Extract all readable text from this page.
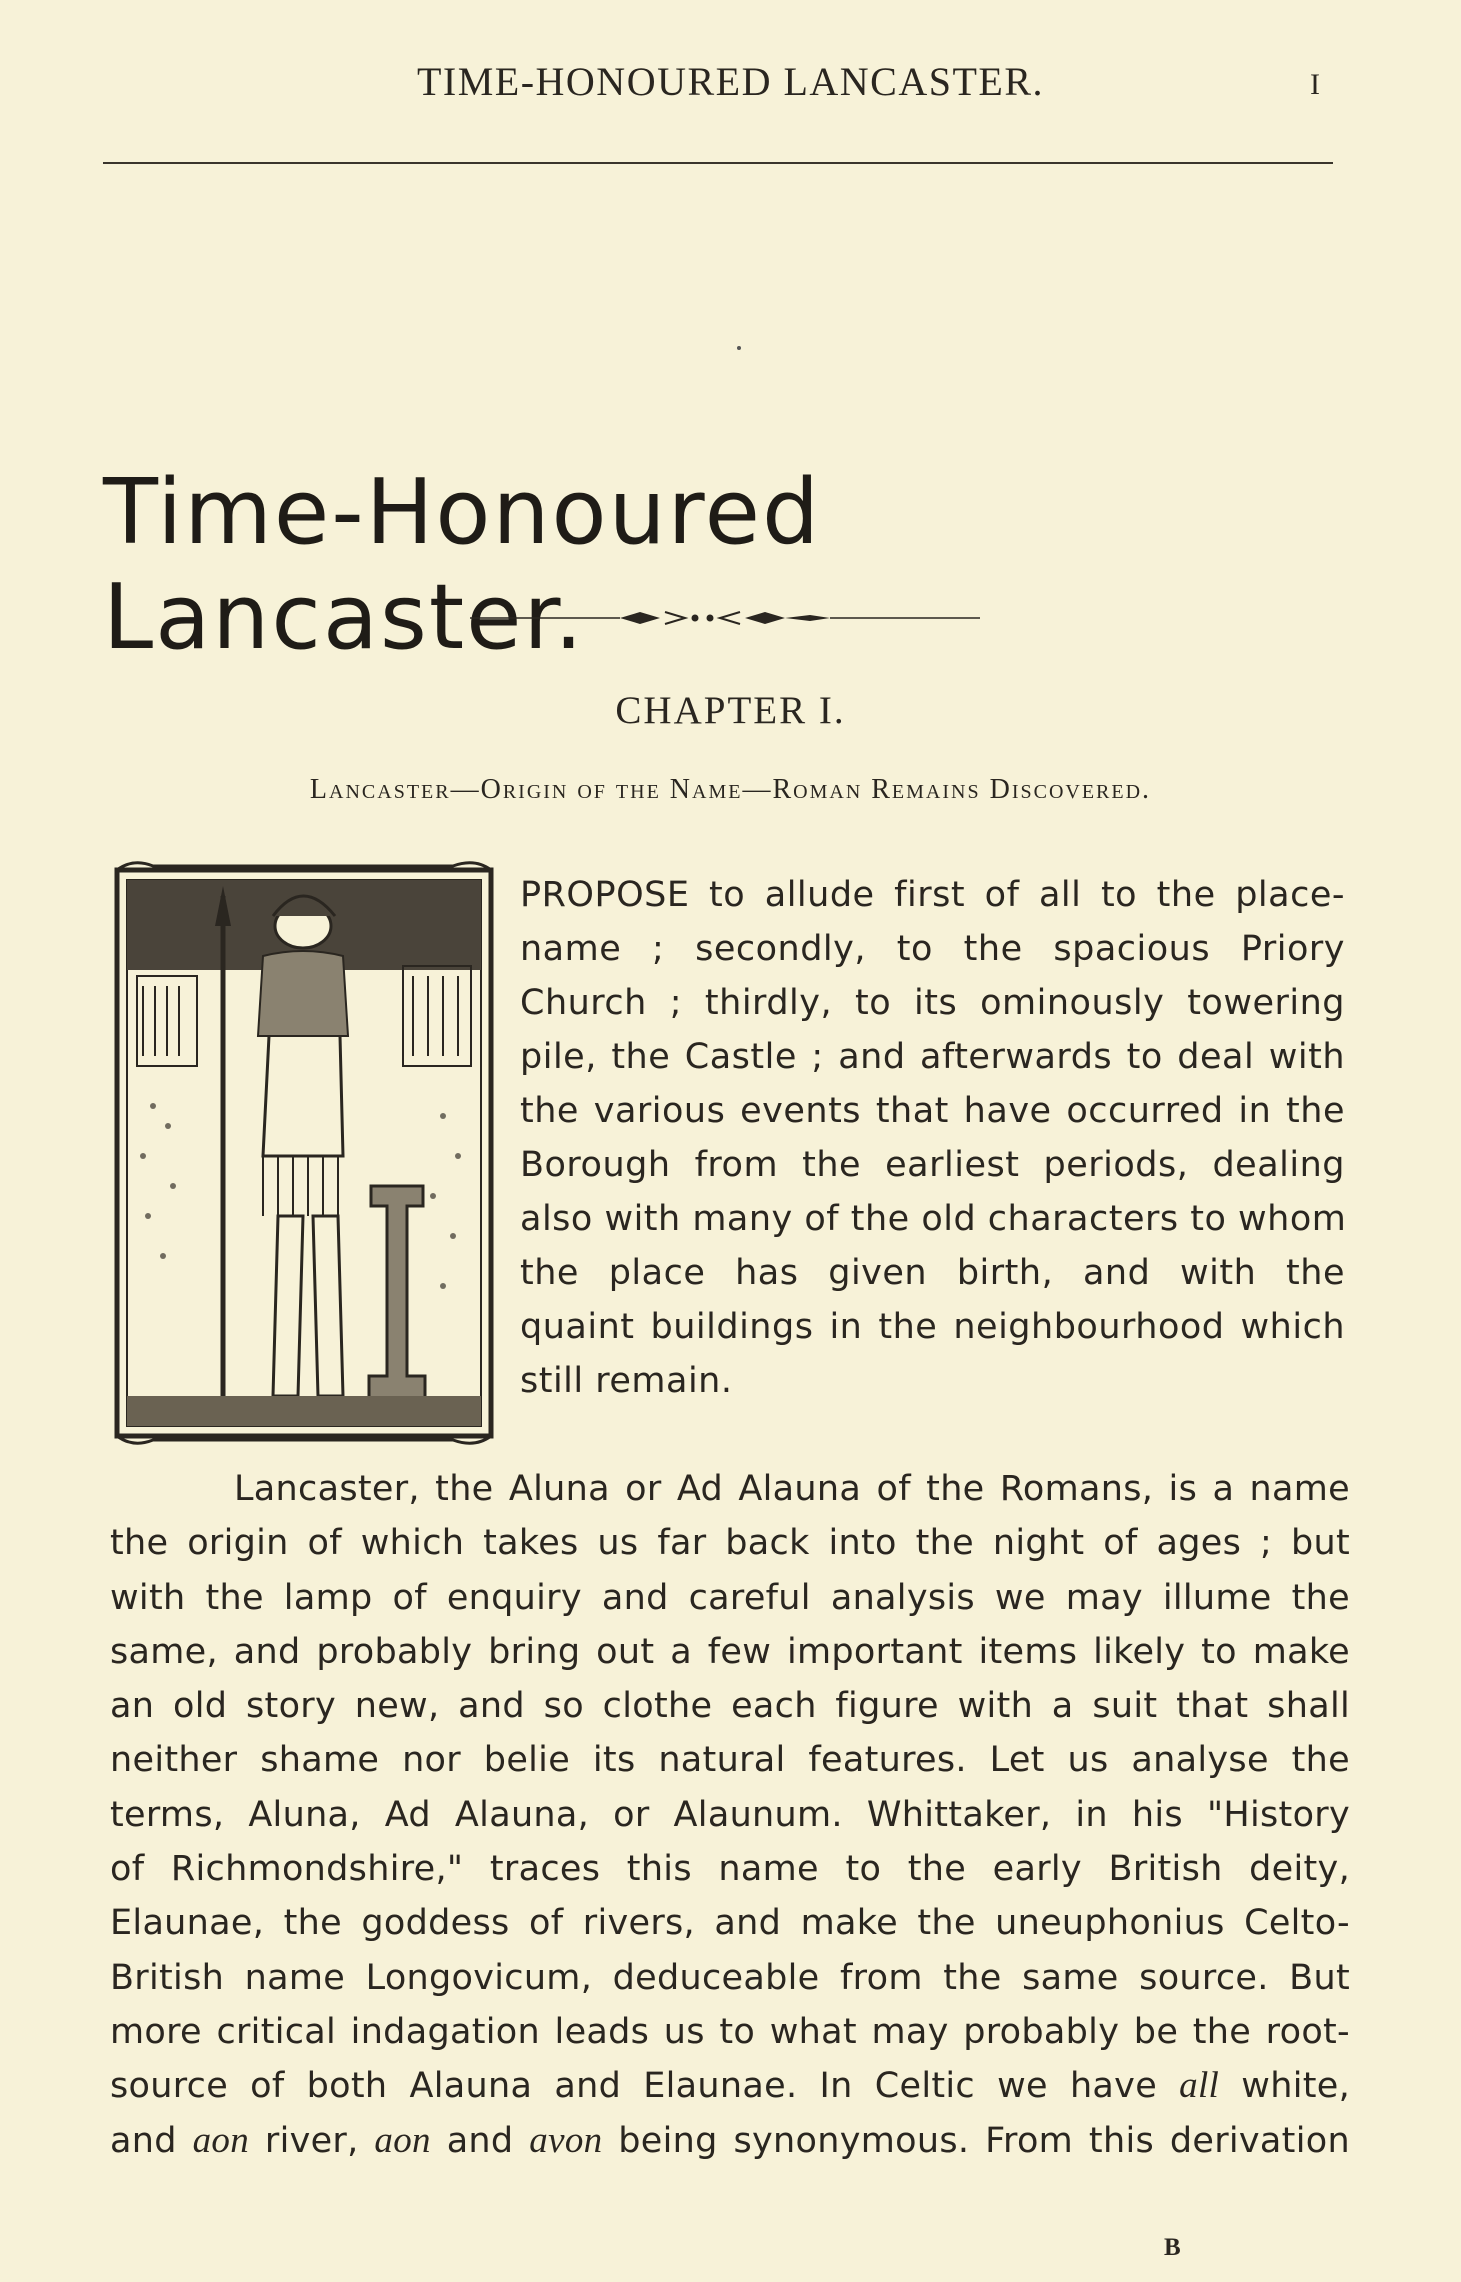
TIME-HONOURED LANCASTER.	I
Time-Honoured Lancaster.
CHAPTER I.
Lancaster—Origin of the Name—Roman Remains Discovered.
PROPOSE to allude first of all to the place-
name ; secondly, to the spacious Priory
Church ; thirdly, to its ominously towering
pile, the Castle ; and afterwards to deal with
the various events that have occurred in the
Borough from the earliest periods, dealing
also with many of the old characters to whom
the place has given birth, and with the
quaint buildings in the neighbourhood which
still remain.
Lancaster, the Aluna or Ad Alauna of the Romans, is a name
the origin of which takes us far back into the night of ages ; but
with the lamp of enquiry and careful analysis we may illume the
same, and probably bring out a few important items likely to make
an old story new, and so clothe each figure with a suit that shall
neither shame nor belie its natural features. Let us analyse the
terms, Aluna, Ad Alauna, or Alaunum. Whittaker, in his "History
of Richmondshire," traces this name to the early British deity,
Elaunae, the goddess of rivers, and make the uneuphonius Celto-
British name Longovicum, deduceable from the same source. But
more critical indagation leads us to what may probably be the root-
source of both Alauna and Elaunae. In Celtic we have all white,
and aon river, aon and avon being synonymous. From this derivation
B
